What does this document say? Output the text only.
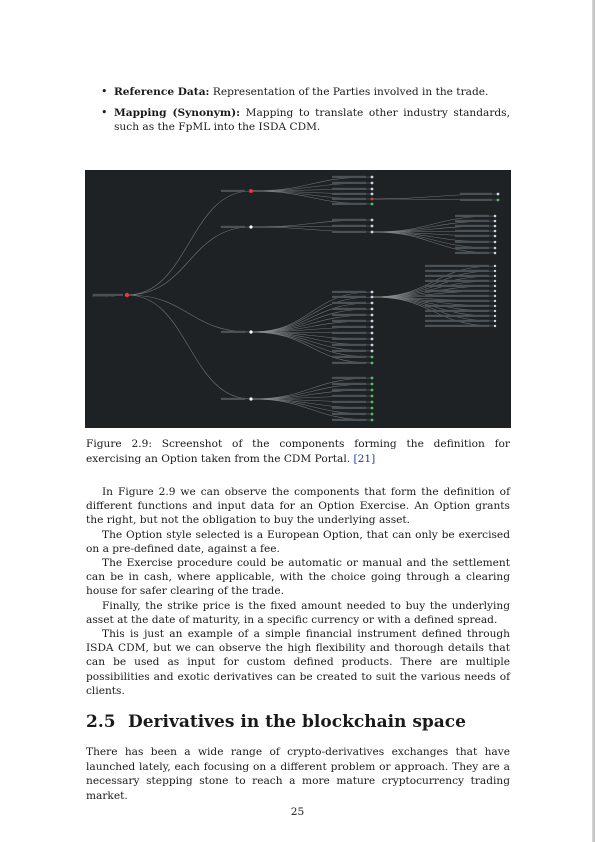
• Reference Data: Representation of the Parties involved in the trade.
• Mapping (Synonym): Mapping to translate other industry standards, such as the FpML into the ISDA CDM.

Figure 2.9: Screenshot of the components forming the definition for exercising an Option taken from the CDM Portal. [21]

In Figure 2.9 we can observe the components that form the definition of different functions and input data for an Option Exercise. An Option grants the right, but not the obligation to buy the underlying asset.

The Option style selected is a European Option, that can only be exercised on a pre-defined date, against a fee.

The Exercise procedure could be automatic or manual and the settlement can be in cash, where applicable, with the choice going through a clearing house for safer clearing of the trade.

Finally, the strike price is the fixed amount needed to buy the underlying asset at the date of maturity, in a specific currency or with a defined spread.

This is just an example of a simple financial instrument defined through ISDA CDM, but we can observe the high flexibility and thorough details that can be used as input for custom defined products. There are multiple possibilities and exotic derivatives can be created to suit the various needs of clients.

2.5 Derivatives in the blockchain space

There has been a wide range of crypto-derivatives exchanges that have launched lately, each focusing on a different problem or approach. They are a necessary stepping stone to reach a more mature cryptocurrency trading market.

25
